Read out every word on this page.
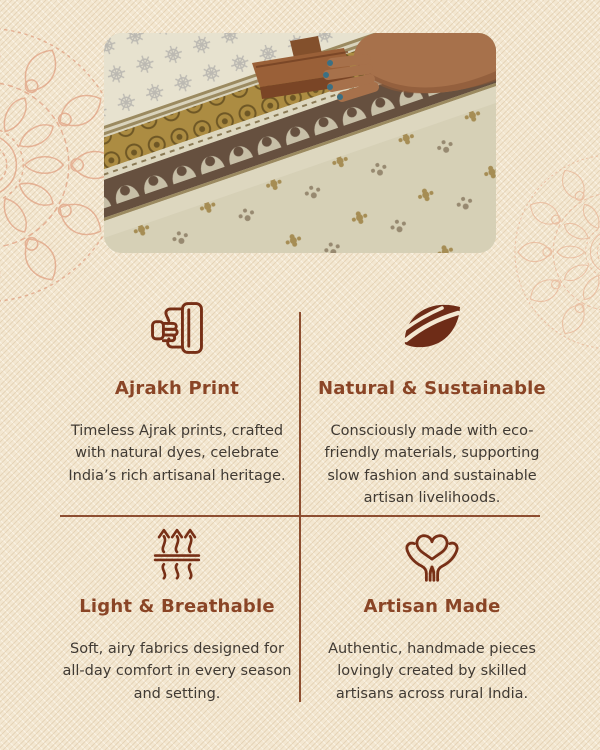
Ajrakh Print

Timeless Ajrak prints, crafted with natural dyes, celebrate India’s rich artisanal heritage.

Natural & Sustainable

Consciously made with eco-friendly materials, supporting slow fashion and sustainable artisan livelihoods.

Light & Breathable

Soft, airy fabrics designed for all-day comfort in every season and setting.

Artisan Made

Authentic, handmade pieces lovingly created by skilled artisans across rural India.
